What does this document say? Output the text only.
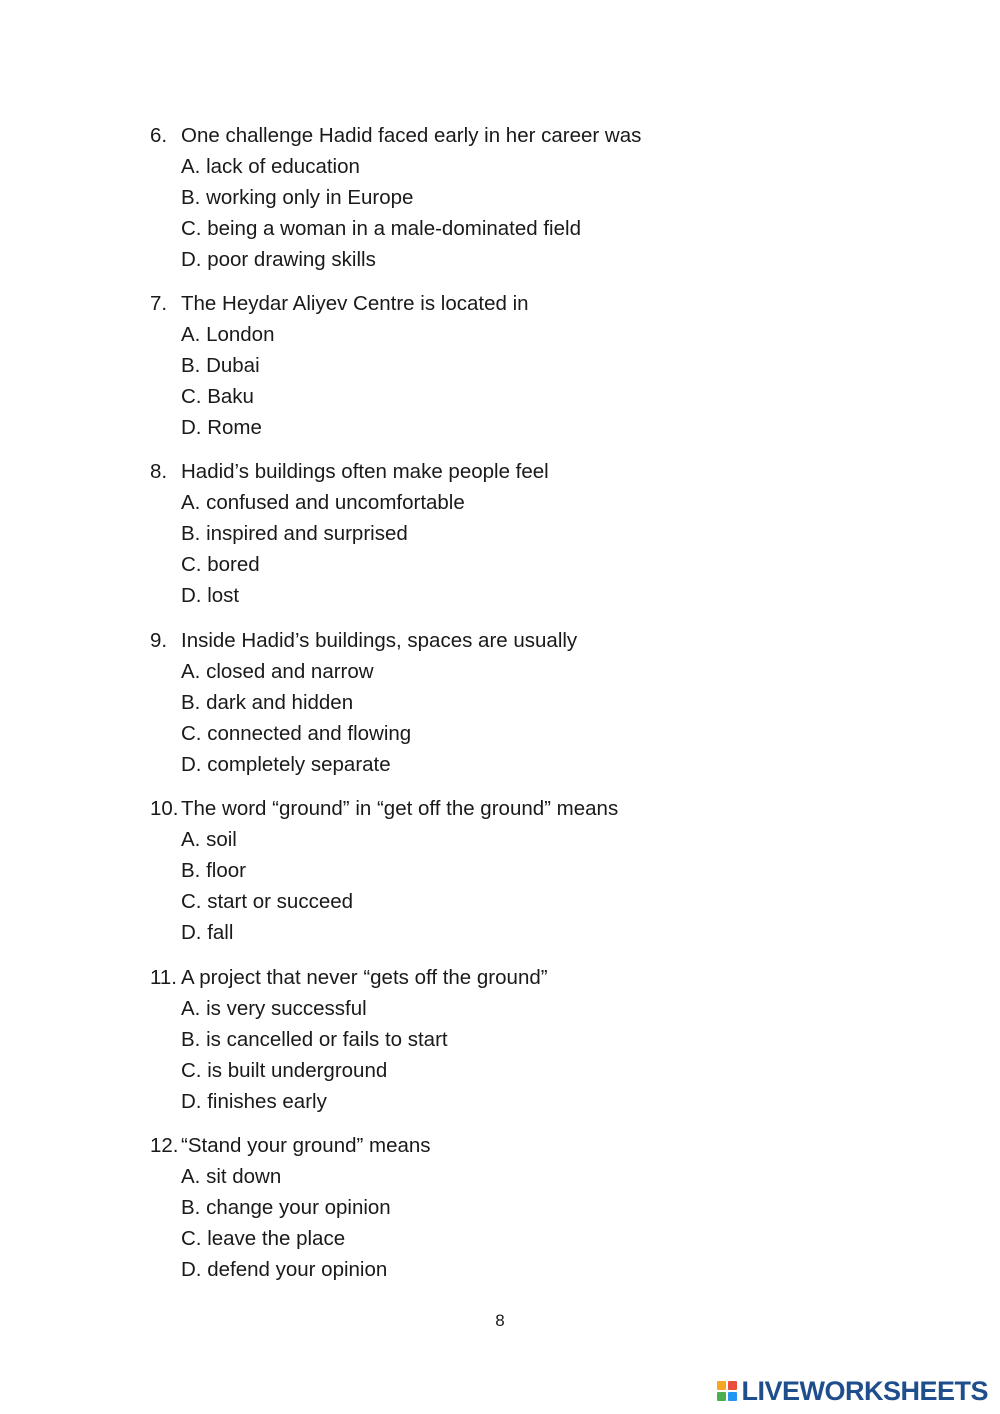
6. One challenge Hadid faced early in her career was
A. lack of education
B. working only in Europe
C. being a woman in a male-dominated field
D. poor drawing skills
7. The Heydar Aliyev Centre is located in
A. London
B. Dubai
C. Baku
D. Rome
8. Hadid’s buildings often make people feel
A. confused and uncomfortable
B. inspired and surprised
C. bored
D. lost
9. Inside Hadid’s buildings, spaces are usually
A. closed and narrow
B. dark and hidden
C. connected and flowing
D. completely separate
10. The word “ground” in “get off the ground” means
A. soil
B. floor
C. start or succeed
D. fall
11. A project that never “gets off the ground”
A. is very successful
B. is cancelled or fails to start
C. is built underground
D. finishes early
12. “Stand your ground” means
A. sit down
B. change your opinion
C. leave the place
D. defend your opinion
8
LIVEWORKSHEETS
